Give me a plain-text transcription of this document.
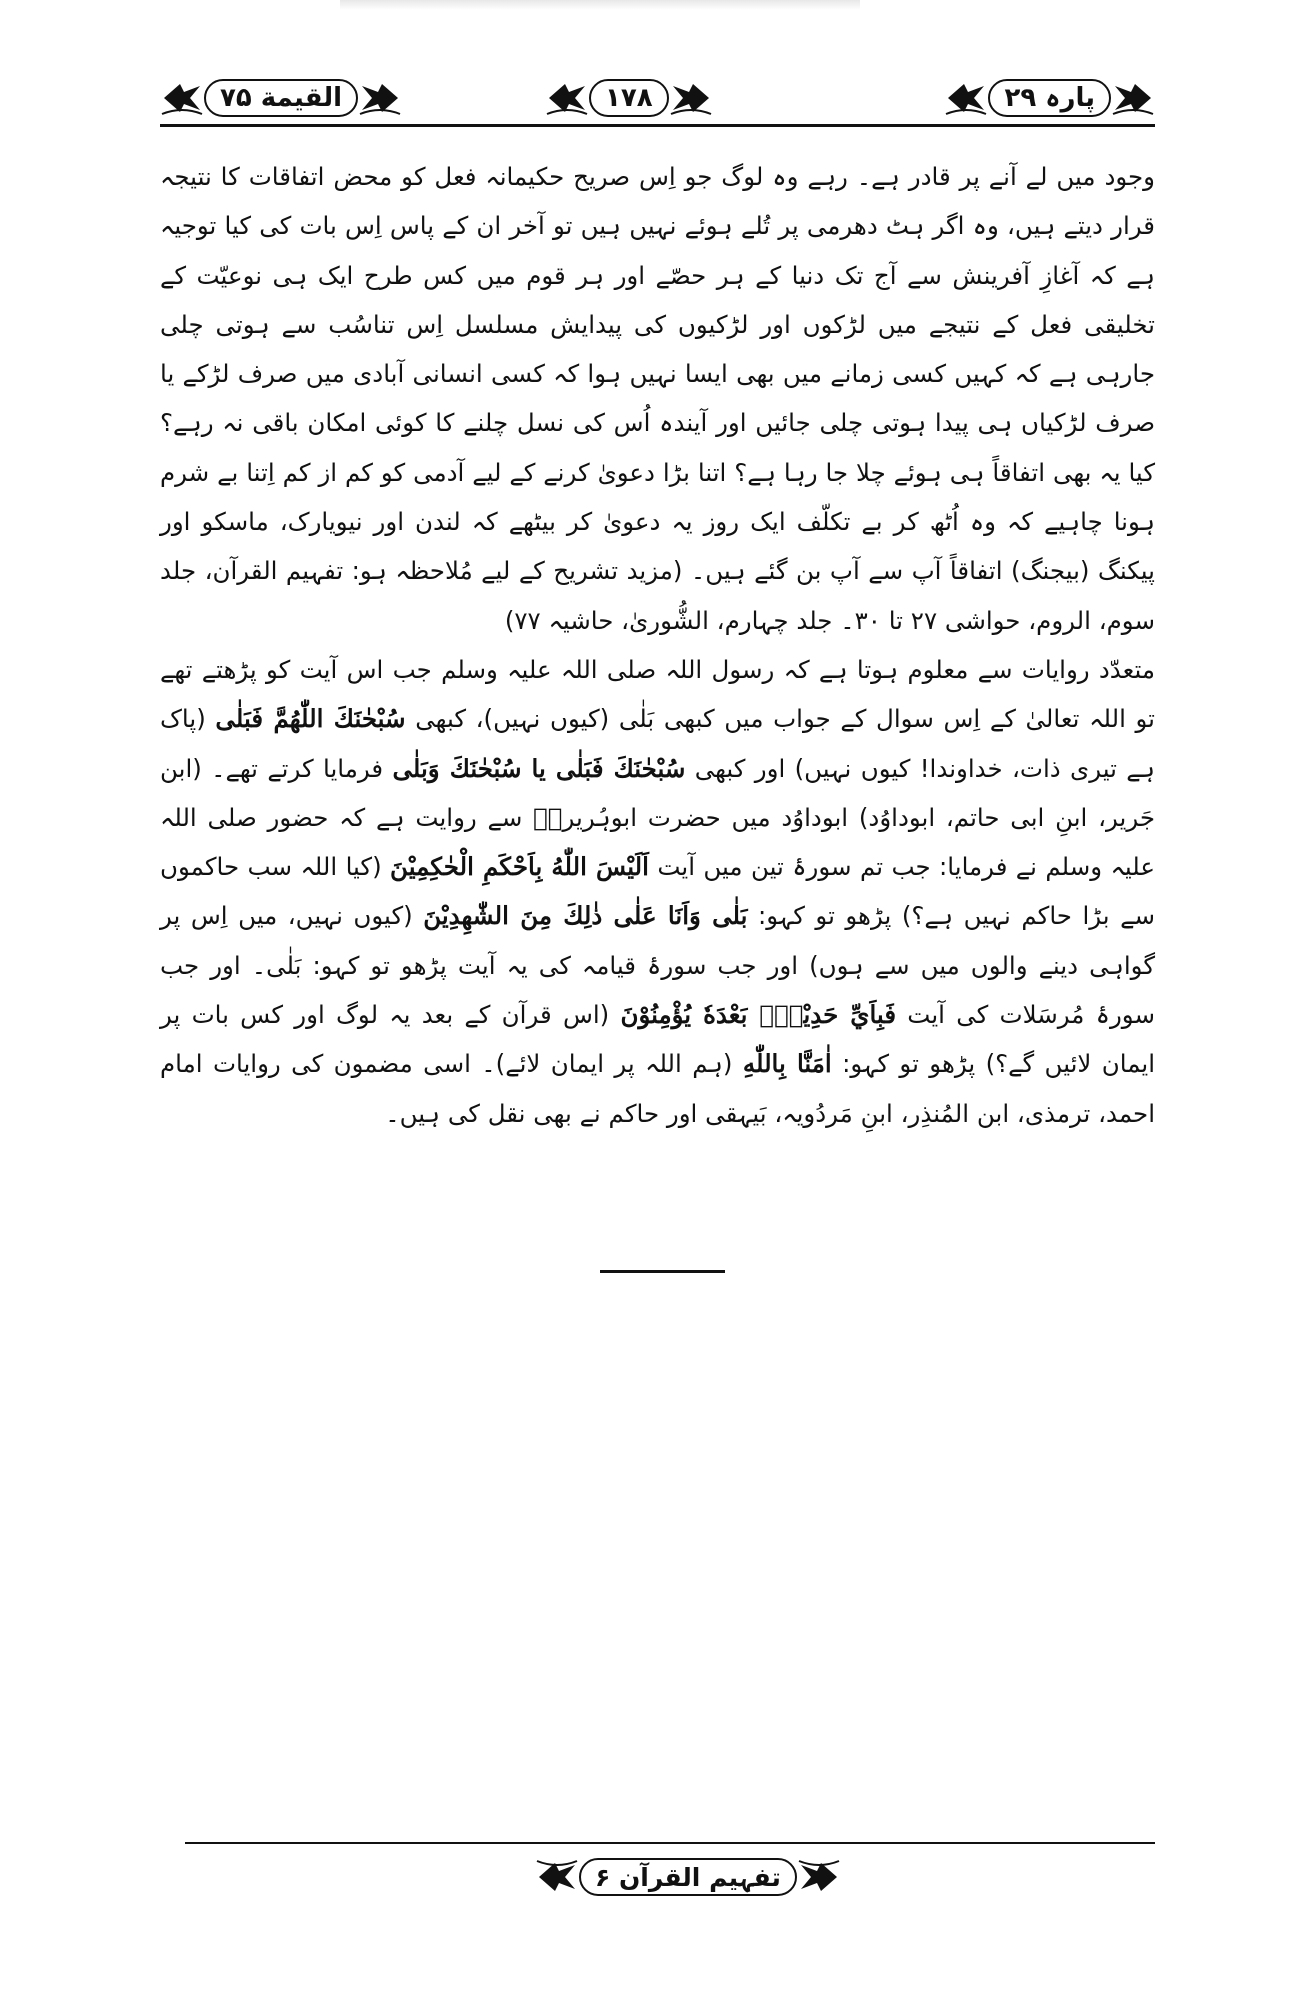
القیمة ۷۵	۱۷۸	پارہ ۲۹

وجود میں لے آنے پر قادر ہے۔ رہے وہ لوگ جو اِس صریح حکیمانہ فعل کو محض اتفاقات کا نتیجہ قرار دیتے ہیں، وہ اگر ہٹ دھرمی پر تُلے ہوئے نہیں ہیں تو آخر ان کے پاس اِس بات کی کیا توجیہ ہے کہ آغازِ آفرینش سے آج تک دنیا کے ہر حصّے اور ہر قوم میں کس طرح ایک ہی نوعیّت کے تخلیقی فعل کے نتیجے میں لڑکوں اور لڑکیوں کی پیدایش مسلسل اِس تناسُب سے ہوتی چلی جارہی ہے کہ کہیں کسی زمانے میں بھی ایسا نہیں ہوا کہ کسی انسانی آبادی میں صرف لڑکے یا صرف لڑکیاں ہی پیدا ہوتی چلی جائیں اور آیندہ اُس کی نسل چلنے کا کوئی امکان باقی نہ رہے؟ کیا یہ بھی اتفاقاً ہی ہوئے چلا جا رہا ہے؟ اتنا بڑا دعویٰ کرنے کے لیے آدمی کو کم از کم اِتنا بے شرم ہونا چاہیے کہ وہ اُٹھ کر بے تکلّف ایک روز یہ دعویٰ کر بیٹھے کہ لندن اور نیویارک، ماسکو اور پیکنگ (بیجنگ) اتفاقاً آپ سے آپ بن گئے ہیں۔ (مزید تشریح کے لیے مُلاحظہ ہو: تفہیم القرآن، جلد سوم، الروم، حواشی ۲۷ تا ۳۰۔ جلد چہارم، الشُّوریٰ، حاشیہ ۷۷)

متعدّد روایات سے معلوم ہوتا ہے کہ رسول اللہ صلی اللہ علیہ وسلم جب اس آیت کو پڑھتے تھے تو اللہ تعالیٰ کے اِس سوال کے جواب میں کبھی بَلٰی (کیوں نہیں)، کبھی سُبْحٰنَكَ اللّٰهُمَّ فَبَلٰی (پاک ہے تیری ذات، خداوندا! کیوں نہیں) اور کبھی سُبْحٰنَكَ فَبَلٰی یا سُبْحٰنَكَ وَبَلٰی فرمایا کرتے تھے۔ (ابن جَریر، ابنِ ابی حاتم، ابوداوُد) ابوداوُد میں حضرت ابوہُریرہؓ سے روایت ہے کہ حضور صلی اللہ علیہ وسلم نے فرمایا: جب تم سورۂ تین میں آیت اَلَيْسَ اللّٰهُ بِاَحْكَمِ الْحٰكِمِيْنَ (کیا اللہ سب حاکموں سے بڑا حاکم نہیں ہے؟) پڑھو تو کہو: بَلٰی وَاَنَا عَلٰی ذٰلِكَ مِنَ الشّٰهِدِيْنَ (کیوں نہیں، میں اِس پر گواہی دینے والوں میں سے ہوں) اور جب سورۂ قیامہ کی یہ آیت پڑھو تو کہو: بَلٰی۔ اور جب سورۂ مُرسَلات کی آیت فَبِاَيِّ حَدِيْثٍۢ بَعْدَهٗ يُؤْمِنُوْنَ (اس قرآن کے بعد یہ لوگ اور کس بات پر ایمان لائیں گے؟) پڑھو تو کہو: اٰمَنَّا بِاللّٰهِ (ہم اللہ پر ایمان لائے)۔ اسی مضمون کی روایات امام احمد، ترمذی، ابن المُنذِر، ابنِ مَردُویہ، بَیہقی اور حاکم نے بھی نقل کی ہیں۔

تفہیم القرآن ۶
